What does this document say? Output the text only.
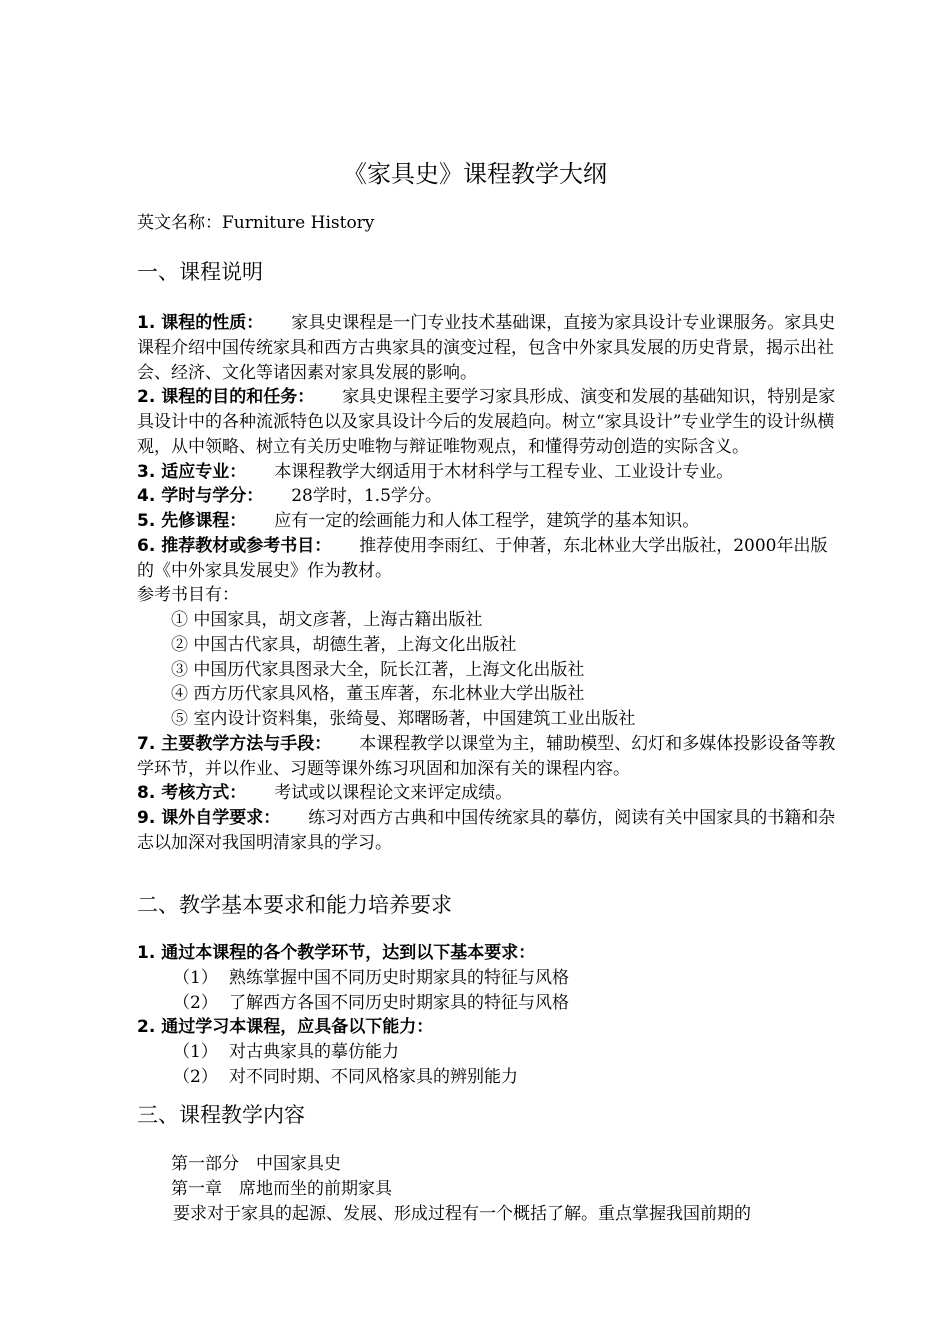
《家具史》课程教学大纲
英文名称：Furniture History
一、课程说明

1. 课程的性质： 家具史课程是一门专业技术基础课，直接为家具设计专业课服务。家具史课程介绍中国传统家具和西方古典家具的演变过程，包含中外家具发展的历史背景，揭示出社会、经济、文化等诸因素对家具发展的影响。

2. 课程的目的和任务： 家具史课程主要学习家具形成、演变和发展的基础知识，特别是家具设计中的各种流派特色以及家具设计今后的发展趋向。树立“家具设计”专业学生的设计纵横观，从中领略、树立有关历史唯物与辩证唯物观点，和懂得劳动创造的实际含义。

3. 适应专业： 本课程教学大纲适用于木材科学与工程专业、工业设计专业。

4. 学时与学分： 28学时，1.5学分。

5. 先修课程： 应有一定的绘画能力和人体工程学，建筑学的基本知识。

6. 推荐教材或参考书目： 推荐使用李雨红、于伸著，东北林业大学出版社，2000年出版的《中外家具发展史》作为教材。

参考书目有：

① 中国家具，胡文彦著，上海古籍出版社

② 中国古代家具，胡德生著，上海文化出版社

③ 中国历代家具图录大全，阮长江著，上海文化出版社

④ 西方历代家具风格，董玉库著，东北林业大学出版社

⑤ 室内设计资料集，张绮曼、郑曙旸著，中国建筑工业出版社

7. 主要教学方法与手段： 本课程教学以课堂为主，辅助模型、幻灯和多媒体投影设备等教学环节，并以作业、习题等课外练习巩固和加深有关的课程内容。

8. 考核方式： 考试或以课程论文来评定成绩。

9. 课外自学要求： 练习对西方古典和中国传统家具的摹仿，阅读有关中国家具的书籍和杂志以加深对我国明清家具的学习。

二、教学基本要求和能力培养要求

1. 通过本课程的各个教学环节，达到以下基本要求：

（1） 熟练掌握中国不同历史时期家具的特征与风格

（2） 了解西方各国不同历史时期家具的特征与风格

2. 通过学习本课程，应具备以下能力：

（1） 对古典家具的摹仿能力

（2） 对不同时期、不同风格家具的辨别能力

三、课程教学内容

第一部分　中国家具史

第一章　席地而坐的前期家具

要求对于家具的起源、发展、形成过程有一个概括了解。重点掌握我国前期的
